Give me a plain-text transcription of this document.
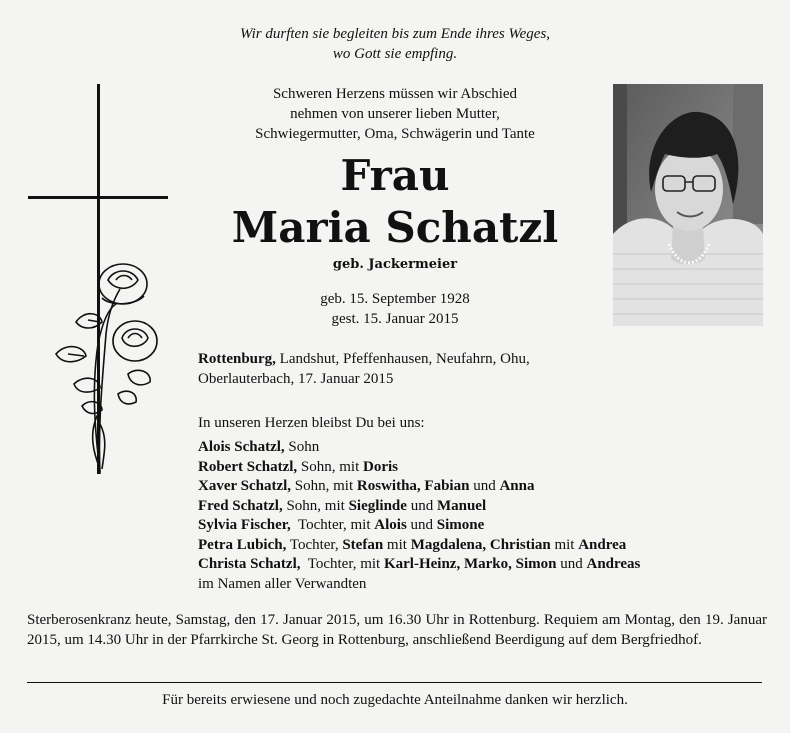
Wir durften sie begleiten bis zum Ende ihres Weges,
wo Gott sie empfing.
Schweren Herzens müssen wir Abschied
nehmen von unserer lieben Mutter,
Schwiegermutter, Oma, Schwägerin und Tante
Frau
Maria Schatzl
geb. Jackermeier
geb. 15. September 1928
gest. 15. Januar 2015
Rottenburg, Landshut, Pfeffenhausen, Neufahrn, Ohu,
Oberlauterbach, 17. Januar 2015
In unseren Herzen bleibst Du bei uns:
Alois Schatzl, Sohn
Robert Schatzl, Sohn, mit Doris
Xaver Schatzl, Sohn, mit Roswitha, Fabian und Anna
Fred Schatzl, Sohn, mit Sieglinde und Manuel
Sylvia Fischer,  Tochter, mit Alois und Simone
Petra Lubich, Tochter, Stefan mit Magdalena, Christian mit Andrea
Christa Schatzl,  Tochter, mit Karl-Heinz, Marko, Simon und Andreas
im Namen aller Verwandten
Sterberosenkranz heute, Samstag, den 17. Januar 2015, um 16.30 Uhr in Rottenburg. Requiem am Montag, den 19. Januar 2015, um 14.30 Uhr in der Pfarrkirche St. Georg in Rottenburg, anschließend Beerdigung auf dem Bergfriedhof.
Für bereits erwiesene und noch zugedachte Anteilnahme danken wir herzlich.
